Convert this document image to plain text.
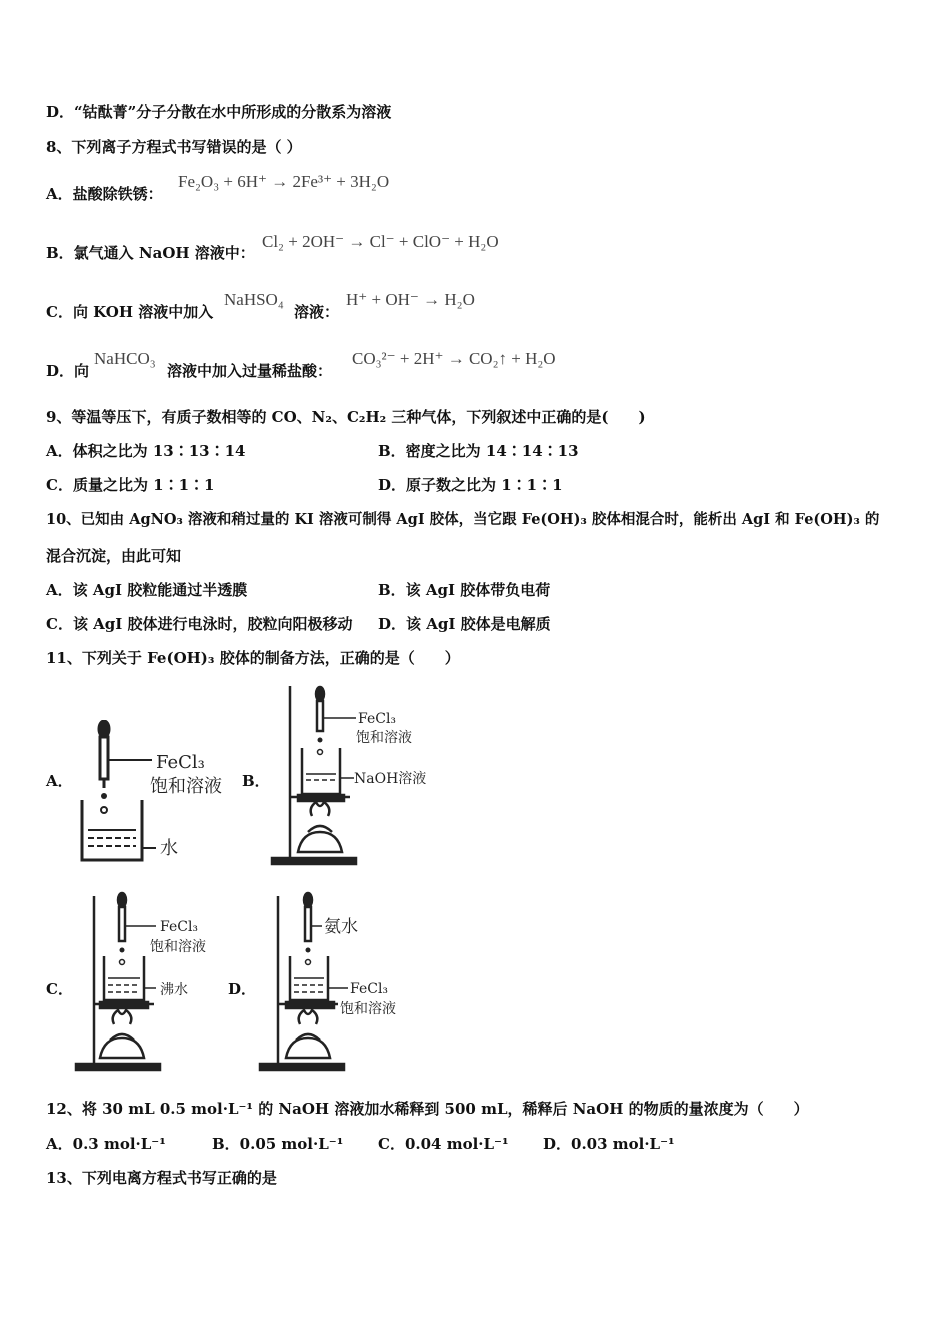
D．“钴酞菁”分子分散在水中所形成的分散系为溶液
8、下列离子方程式书写错误的是（ ）
A．盐酸除铁锈：
Fe₂O₃ + 6H⁺ → 2Fe³⁺ + 3H₂O
B．氯气通入 NaOH 溶液中：
Cl₂ + 2OH⁻ → Cl⁻ + ClO⁻ + H₂O
C．向 KOH 溶液中加入
NaHSO₄
溶液：
H⁺ + OH⁻ → H₂O
D．向
NaHCO₃
溶液中加入过量稀盐酸：
CO₃²⁻ + 2H⁺ → CO₂↑ + H₂O
9、等温等压下，有质子数相等的 CO、N₂、C₂H₂ 三种气体，下列叙述中正确的是(　　)
A．体积之比为 13∶13∶14	B．密度之比为 14∶14∶13
C．质量之比为 1∶1∶1	D．原子数之比为 1∶1∶1
10、已知由 AgNO₃ 溶液和稍过量的 KI 溶液可制得 AgI 胶体，当它跟 Fe(OH)₃ 胶体相混合时，能析出 AgI 和 Fe(OH)₃ 的
混合沉淀，由此可知
A．该 AgI 胶粒能通过半透膜	B．该 AgI 胶体带负电荷
C．该 AgI 胶体进行电泳时，胶粒向阳极移动 D．该 AgI 胶体是电解质
11、下列关于 Fe(OH)₃ 胶体的制备方法，正确的是（　　）
A．	B．
C．	D．
FeCl₃
饱和溶液
水
FeCl₃
饱和溶液
NaOH溶液
FeCl₃
饱和溶液
沸水
氨水
FeCl₃
饱和溶液
12、将 30 mL 0.5 mol·L⁻¹ 的 NaOH 溶液加水稀释到 500 mL，稀释后 NaOH 的物质的量浓度为（　　）
A．0.3 mol·L⁻¹	B．0.05 mol·L⁻¹ C．0.04 mol·L⁻¹ D．0.03 mol·L⁻¹
13、下列电离方程式书写正确的是
